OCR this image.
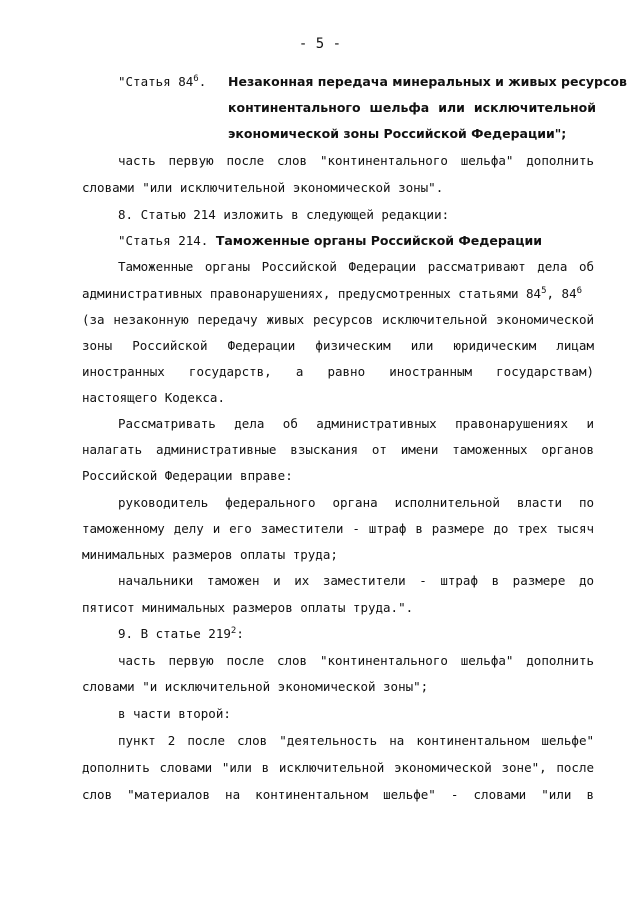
- 5 -
"Статья $84^6$. Незаконная передача минеральных и живых ресурсов
континентального шельфа или исключительной
экономической зоны Российской Федерации";
часть первую после слов "континентального шельфа" дополнить
словами "или исключительной экономической зоны".
8. Статью 214 изложить в следующей редакции:
"Статья 214. Таможенные органы Российской Федерации
Таможенные органы Российской Федерации рассматривают дела об
административных правонарушениях, предусмотренных статьями $84^5$, $84^6$
(за незаконную передачу живых ресурсов исключительной экономической
зоны Российской Федерации физическим или юридическим лицам
иностранных государств, а равно иностранным государствам)
настоящего Кодекса.
Рассматривать дела об административных правонарушениях и
налагать административные взыскания от имени таможенных органов
Российской Федерации вправе:
руководитель федерального органа исполнительной власти по
таможенному делу и его заместители - штраф в размере до трех тысяч
минимальных размеров оплаты труда;
начальники таможен и их заместители - штраф в размере до
пятисот минимальных размеров оплаты труда.".
9. В статье $219^2$:
часть первую после слов "континентального шельфа" дополнить
словами "и исключительной экономической зоны";
в части второй:
пункт 2 после слов "деятельность на континентальном шельфе"
дополнить словами "или в исключительной экономической зоне", после
слов "материалов на континентальном шельфе" - словами "или в
